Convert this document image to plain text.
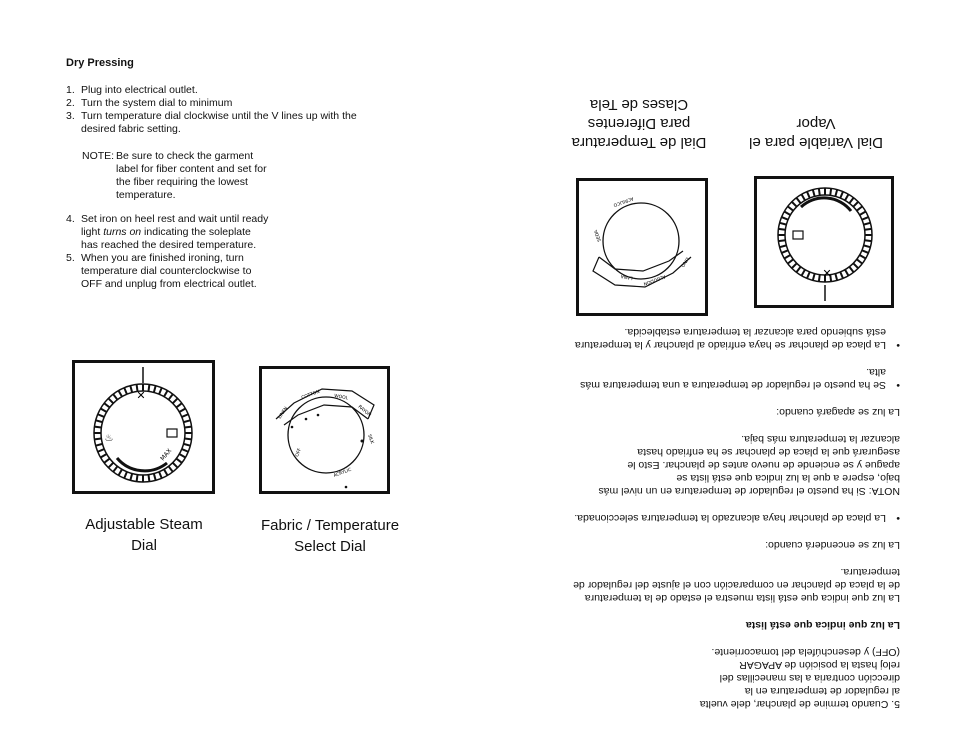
Dry Pressing
1. Plug into electrical outlet.
2. Turn the system dial to minimum
3. Turn temperature dial clockwise until the V lines up with the
desired fabric setting.
NOTE: Be sure to check the garment
label for fiber content and set for
the fiber requiring the lowest
temperature.
4. Set iron on heel rest and wait until ready
light turns on indicating the soleplate
has reached the desired temperature.
5. When you are finished ironing, turn
temperature dial counterclockwise to
OFF and unplug from electrical outlet.
✕
♨
MAX
LINEN
COTTON	WOOL
RAYON
SILK
ACRYLIC
OFF
Adjustable Steam
Dial
Fabric / Temperature
Select Dial
5. Cuando termine de planchar, dele vuelta
al regulador de temperatura en la
dirección contraria a las manecillas del
reloj hasta la posición de APAGAR
(OFF) y desenchúfela del tomacorriente.
La luz que indica que está lista
La luz que indica que está lista muestra el estado de la temperatura
de la placa de planchar en comparación con el ajuste del regulador de
temperatura.
La luz se encenderá cuando:
La placa de planchar haya alcanzado la temperatura seleccionada. •
NOTA: Si ha puesto el regulador de temperatura en un nivel más
bajo, espere a que la luz indica que está lista se
apague y se enciende de nuevo antes de planchar. Esto le
asegurará que la placa de planchar se ha enfriado hasta
alcanzar la temperatura más baja.
La luz se apagará cuando:
Se ha puesto el regulador de temperatura a una temperatura más
alta.
•
La placa de planchar se haya enfriado al planchar y la temperatura
está subiendo para alcanzar la temperatura establecida.
•
✕
ALGODON
LANA
SEDA
ACRILICO
LINO
Dial Variable para el
Vapor
Dial de Temperatura
para Diferentes
Clases de Tela
